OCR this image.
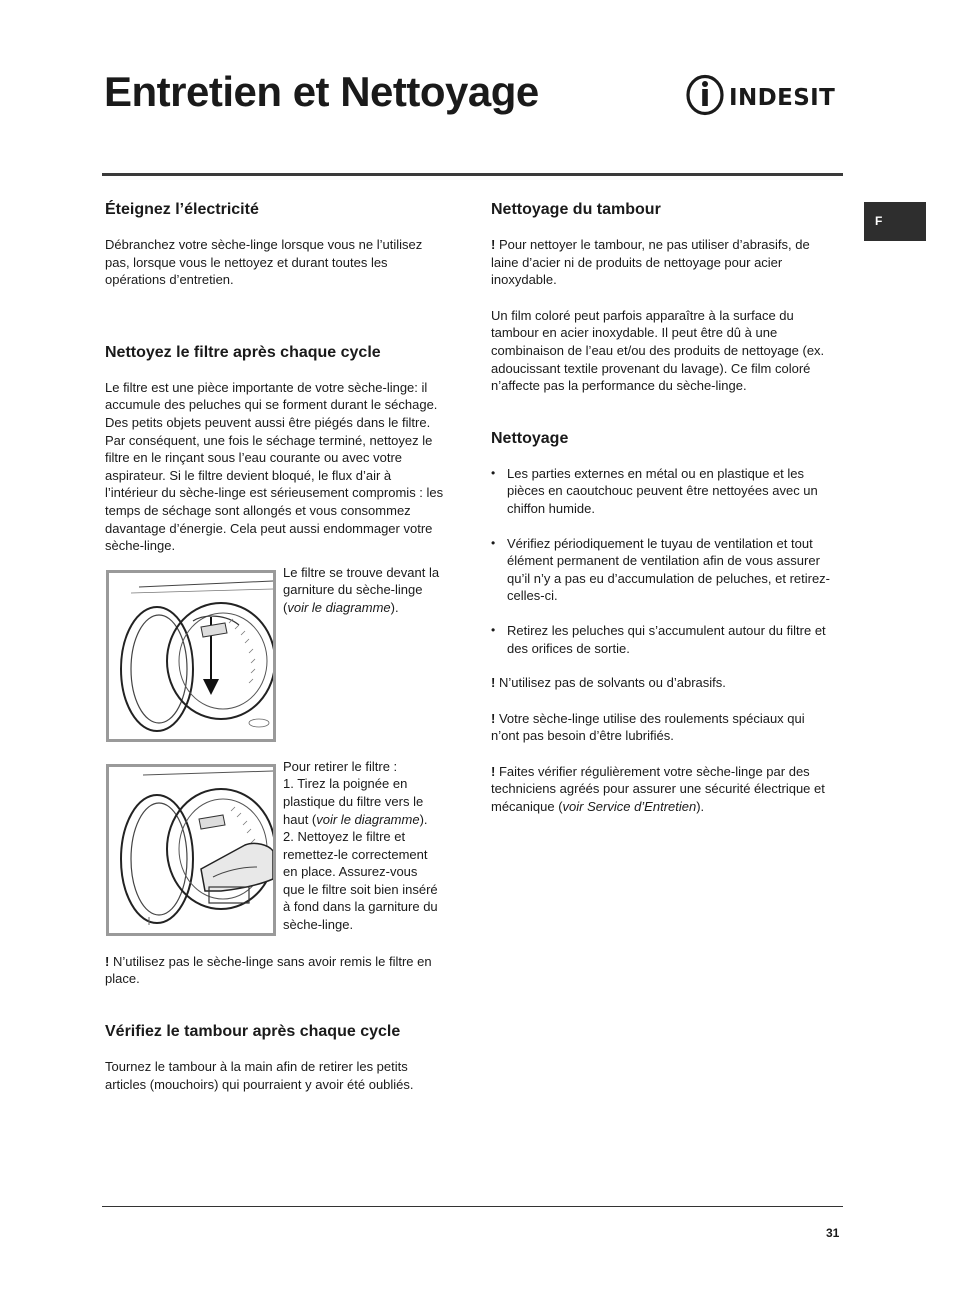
Entretien et Nettoyage	INDESIT
F
Éteignez l’électricité

Débranchez votre sèche-linge lorsque vous ne l’utilisez pas, lorsque vous le nettoyez et durant toutes les opérations d’entretien.

Nettoyez le filtre après chaque cycle

Le filtre est une pièce importante de votre sèche-linge: il accumule des peluches qui se forment durant le séchage. Des petits objets peuvent aussi être piégés dans le filtre. Par conséquent, une fois le séchage terminé, nettoyez le filtre en le rinçant sous l’eau courante ou avec votre aspirateur. Si le filtre devient bloqué, le flux d’air à l’intérieur du sèche-linge est sérieusement compromis : les temps de séchage sont allongés et vous consommez davantage d’énergie. Cela peut aussi endommager votre sèche-linge.

Le filtre se trouve devant la garniture du sèche-linge (voir le diagramme).

Pour retirer le filtre :

1. Tirez la poignée en plastique du filtre vers le haut (voir le diagramme).

2. Nettoyez le filtre et remettez-le correctement en place. Assurez-vous que le filtre soit bien inséré à fond dans la garniture du sèche-linge.

! N’utilisez pas le sèche-linge sans avoir remis le filtre en place.

Vérifiez le tambour après chaque cycle

Tournez le tambour à la main afin de retirer les petits articles (mouchoirs) qui pourraient y avoir été oubliés.

Nettoyage du tambour

! Pour nettoyer le tambour, ne pas utiliser d’abrasifs, de laine d’acier ni de produits de nettoyage pour acier inoxydable.

Un film coloré peut parfois apparaître à la surface du tambour en acier inoxydable. Il peut être dû à une combinaison de l’eau et/ou des produits de nettoyage (ex. adoucissant textile provenant du lavage). Ce film coloré n’affecte pas la performance du sèche-linge.

Nettoyage
• Les parties externes en métal ou en plastique et les pièces en caoutchouc peuvent être nettoyées avec un chiffon humide.
• Vérifiez périodiquement le tuyau de ventilation et tout élément permanent de ventilation afin de vous assurer qu’il n’y a pas eu d’accumulation de peluches, et retirez-celles-ci.
• Retirez les peluches qui s’accumulent autour du filtre et des orifices de sortie.

! N’utilisez pas de solvants ou d’abrasifs.

! Votre sèche-linge utilise des roulements spéciaux qui n’ont pas besoin d’être lubrifiés.

! Faites vérifier régulièrement votre sèche-linge par des techniciens agréés pour assurer une sécurité électrique et mécanique (voir Service d’Entretien).

31
